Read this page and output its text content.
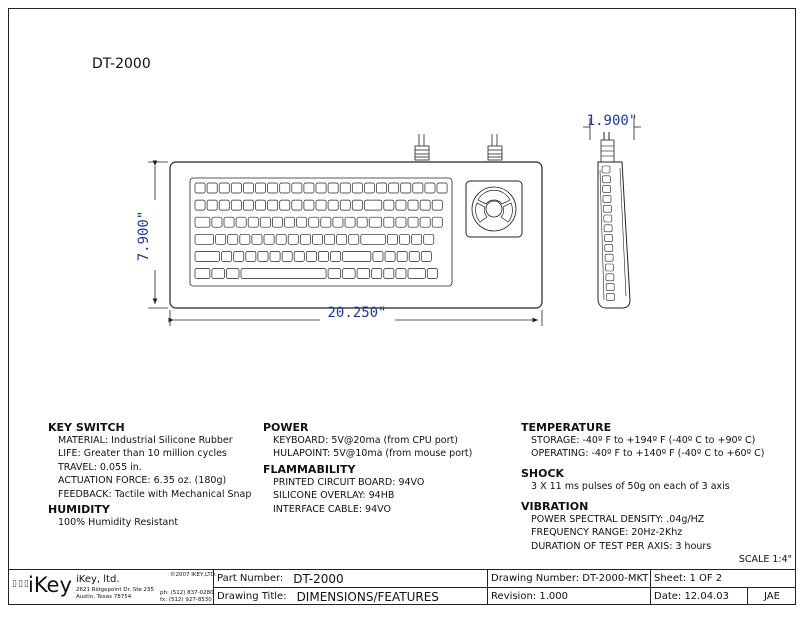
DT-2000
7.900"
20.250"
1.900"

KEY SWITCH

MATERIAL: Industrial Silicone Rubber

LIFE: Greater than 10 million cycles

TRAVEL: 0.055 in.

ACTUATION FORCE: 6.35 oz. (180g)

FEEDBACK: Tactile with Mechanical Snap

HUMIDITY

100% Humidity Resistant

POWER

KEYBOARD: 5V@20ma (from CPU port)

HULAPOINT: 5V@10ma (from mouse port)

FLAMMABILITY

PRINTED CIRCUIT BOARD: 94VO

SILICONE OVERLAY: 94HB

INTERFACE CABLE: 94VO

TEMPERATURE

STORAGE: -40º F to +194º F (-40º C to +90º C)

OPERATING: -40º F to +140º F (-40º C to +60º C)

SHOCK

3 X 11 ms pulses of 50g on each of 3 axis

VIBRATION

POWER SPECTRAL DENSITY: .04g/HZ

FREQUENCY RANGE: 20Hz-2Khz

DURATION OF TEST PER AXIS: 3 hours

SCALE 1:4"
▯▯▯
iKey iKey, ltd.
2621 Ridgepoint Dr. Ste 235
Austin, Texas 78754
©2007 IKEY,LTD.
ph: (512) 837-0280
fx: (512) 927-8530
Part Number: DT-2000
Drawing Title: DIMENSIONS/FEATURES
Drawing Number: DT-2000-MKT
Revision: 1.000
Sheet: 1 OF 2
Date: 12.04.03	JAE
